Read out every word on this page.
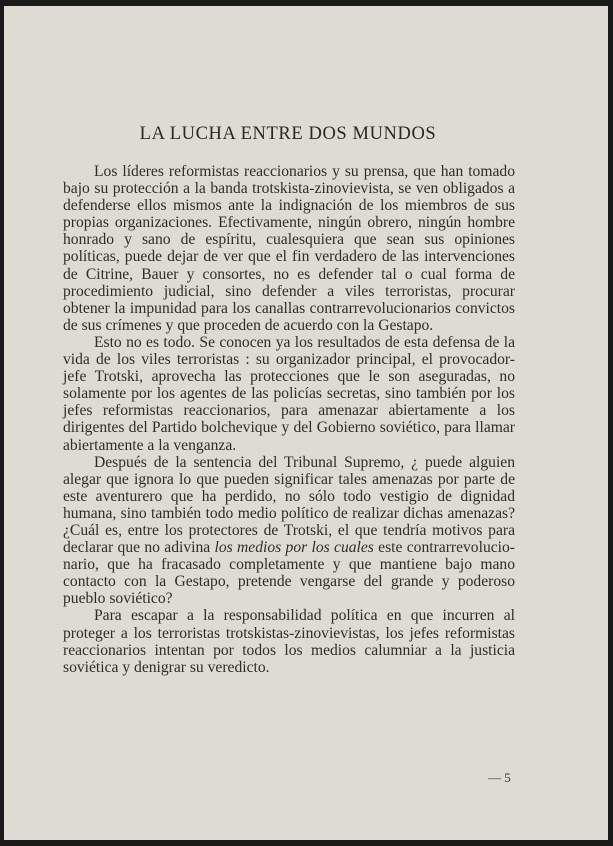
LA LUCHA ENTRE DOS MUNDOS

Los líderes reformistas reaccionarios y su prensa, que han tomado bajo su protección a la banda trotskista-zinovievista, se ven obligados a defenderse ellos mismos ante la indignación de los miembros de sus propias organizaciones. Efectivamente, ningún obrero, ningún hombre honrado y sano de espíritu, cualesquiera que sean sus opiniones políticas, puede dejar de ver que el fin verdadero de las intervenciones de Citrine, Bauer y consortes, no es defender tal o cual forma de procedimiento judicial, sino defender a viles terroristas, procurar obtener la impunidad para los canallas contrarrevolucionarios convictos de sus crímenes y que proceden de acuerdo con la Gestapo.

Esto no es todo. Se conocen ya los resultados de esta defensa de la vida de los viles terroristas : su organizador principal, el provocador-jefe Trotski, aprovecha las protecciones que le son aseguradas, no solamente por los agentes de las policías secretas, sino también por los jefes reformistas reaccionarios, para amenazar abiertamente a los dirigentes del Partido bolchevique y del Gobierno soviético, para llamar abiertamente a la venganza.

Después de la sentencia del Tribunal Supremo, ¿ puede alguien alegar que ignora lo que pueden significar tales amenazas por parte de este aventurero que ha perdido, no sólo todo vestigio de dignidad humana, sino también todo medio político de realizar dichas amenazas? ¿Cuál es, entre los protectores de Trotski, el que tendría motivos para declarar que no adivina los medios por los cuales este contrarrevolucionario, que ha fracasado completamente y que mantiene bajo mano contacto con la Gestapo, pretende vengarse del grande y poderoso pueblo soviético?

Para escapar a la responsabilidad política en que incurren al proteger a los terroristas trotskistas-zinovievistas, los jefes reformistas reaccionarios intentan por todos los medios calumniar a la justicia soviética y denigrar su veredicto.

— 5
